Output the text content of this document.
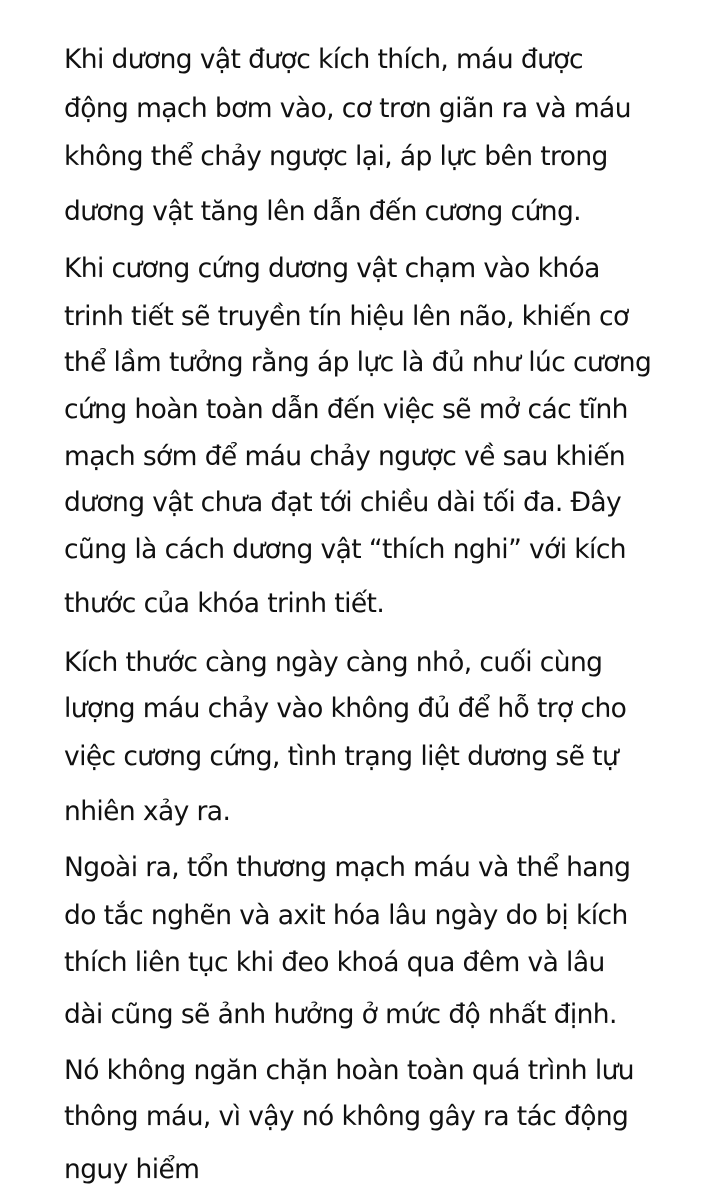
Khi dương vật được kích thích, máu được

động mạch bơm vào, cơ trơn giãn ra và máu

không thể chảy ngược lại, áp lực bên trong

dương vật tăng lên dẫn đến cương cứng.

Khi cương cứng dương vật chạm vào khóa

trinh tiết sẽ truyền tín hiệu lên não, khiến cơ

thể lầm tưởng rằng áp lực là đủ như lúc cương

cứng hoàn toàn dẫn đến việc sẽ mở các tĩnh

mạch sớm để máu chảy ngược về sau khiến

dương vật chưa đạt tới chiều dài tối đa. Đây

cũng là cách dương vật “thích nghi” với kích

thước của khóa trinh tiết.

Kích thước càng ngày càng nhỏ, cuối cùng

lượng máu chảy vào không đủ để hỗ trợ cho

việc cương cứng, tình trạng liệt dương sẽ tự

nhiên xảy ra.

Ngoài ra, tổn thương mạch máu và thể hang

do tắc nghẽn và axit hóa lâu ngày do bị kích

thích liên tục khi đeo khoá qua đêm và lâu

dài cũng sẽ ảnh hưởng ở mức độ nhất định.

Nó không ngăn chặn hoàn toàn quá trình lưu

thông máu, vì vậy nó không gây ra tác động

nguy hiểm
